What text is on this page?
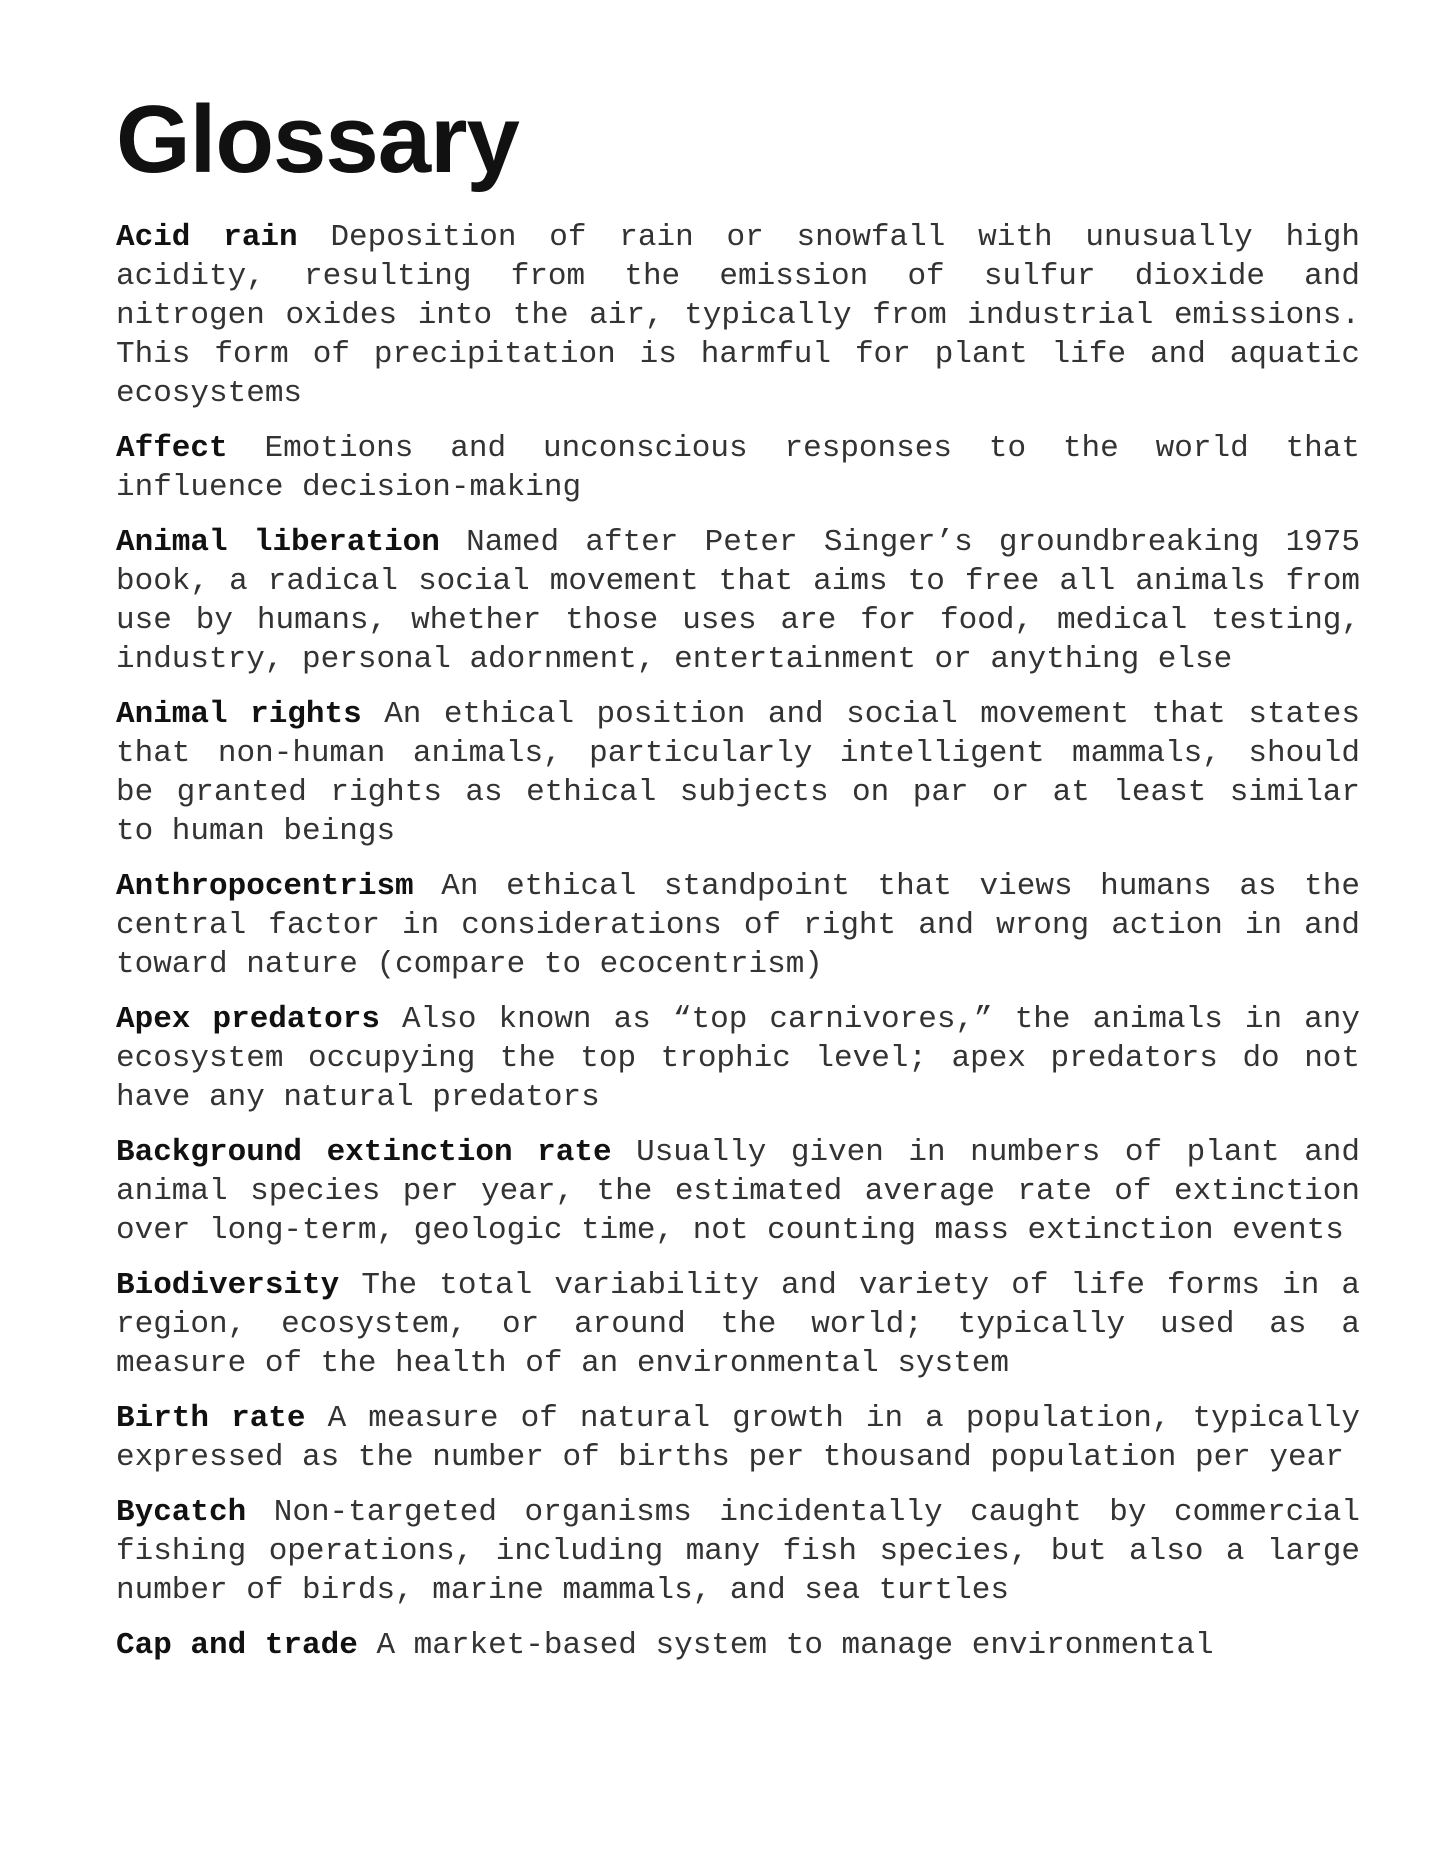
Glossary

Acid rain Deposition of rain or snowfall with unusually high acidity, resulting from the emission of sulfur dioxide and nitrogen oxides into the air, typically from industrial emissions. This form of precipitation is harmful for plant life and aquatic ecosystems

Affect Emotions and unconscious responses to the world that influence decision-making

Animal liberation Named after Peter Singer’s groundbreaking 1975 book, a radical social movement that aims to free all animals from use by humans, whether those uses are for food, medical testing, industry, personal adornment, entertainment or anything else

Animal rights An ethical position and social movement that states that non-human animals, particularly intelligent mammals, should be granted rights as ethical subjects on par or at least similar to human beings

Anthropocentrism An ethical standpoint that views humans as the central factor in considerations of right and wrong action in and toward nature (compare to ecocentrism)

Apex predators Also known as “top carnivores,” the animals in any ecosystem occupying the top trophic level; apex predators do not have any natural predators

Background extinction rate Usually given in numbers of plant and animal species per year, the estimated average rate of extinction over long-term, geologic time, not counting mass extinction events

Biodiversity The total variability and variety of life forms in a region, ecosystem, or around the world; typically used as a measure of the health of an environmental system

Birth rate A measure of natural growth in a population, typically expressed as the number of births per thousand population per year

Bycatch Non-targeted organisms incidentally caught by commercial fishing operations, including many fish species, but also a large number of birds, marine mammals, and sea turtles

Cap and trade A market-based system to manage environmental
